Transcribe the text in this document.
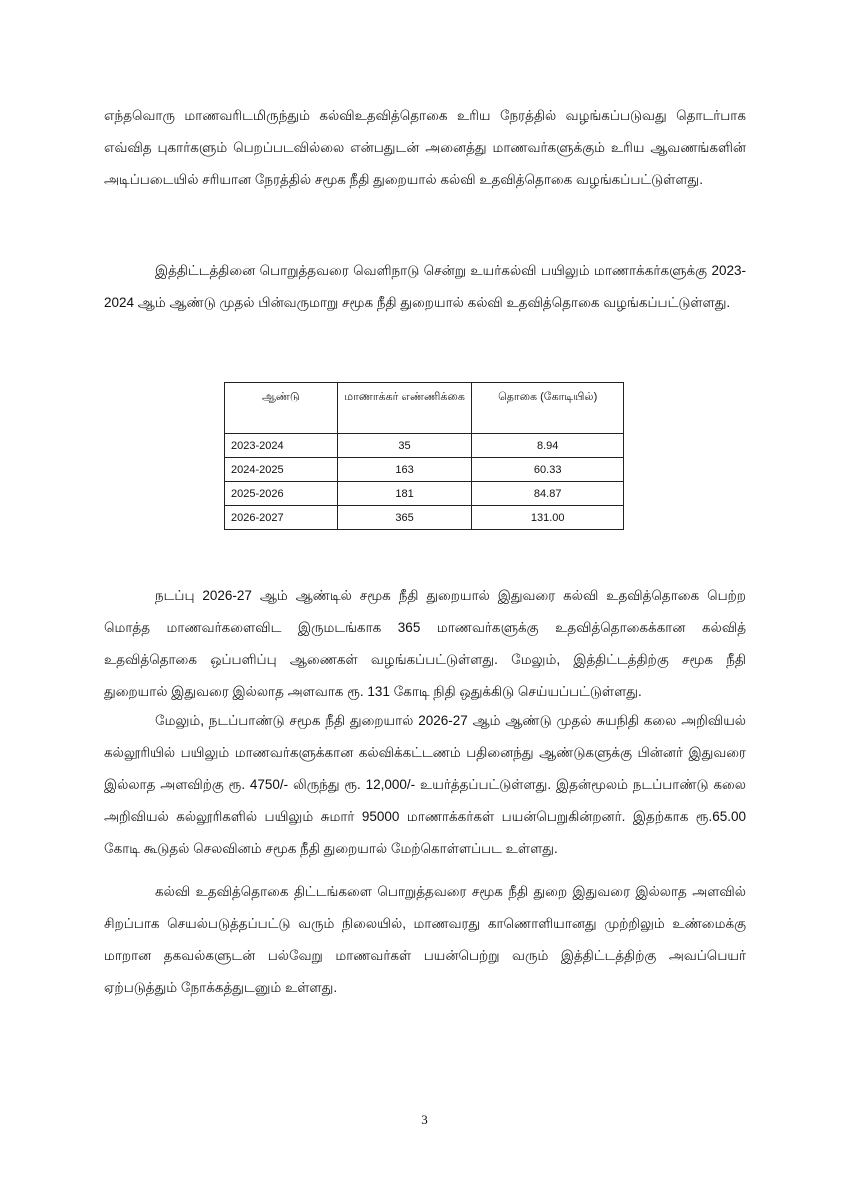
எந்தவொரு மாணவரிடமிருந்தும் கல்விஉதவித்தொகை உரிய நேரத்தில் வழங்கப்படுவது தொடர்பாக எவ்வித புகார்களும் பெறப்படவில்லை என்பதுடன் அனைத்து மாணவர்களுக்கும் உரிய ஆவணங்களின் அடிப்படையில் சரியான நேரத்தில் சமூக நீதி துறையால் கல்வி உதவித்தொகை வழங்கப்பட்டுள்ளது.

இத்திட்டத்தினை பொறுத்தவரை வெளிநாடு சென்று உயர்கல்வி பயிலும் மாணாக்கர்களுக்கு 2023-2024 ஆம் ஆண்டு முதல் பின்வருமாறு சமூக நீதி துறையால் கல்வி உதவித்தொகை வழங்கப்பட்டுள்ளது.

ஆண்டு	மாணாக்கர் எண்ணிக்கை	தொகை (கோடியில்)
2023-2024	35	8.94
2024-2025	163	60.33
2025-2026	181	84.87
2026-2027	365	131.00

நடப்பு 2026-27 ஆம் ஆண்டில் சமூக நீதி துறையால் இதுவரை கல்வி உதவித்தொகை பெற்ற மொத்த மாணவர்களைவிட இருமடங்காக 365 மாணவர்களுக்கு உதவித்தொகைக்கான கல்வித் உதவித்தொகை ஒப்பளிப்பு ஆணைகள் வழங்கப்பட்டுள்ளது. மேலும், இத்திட்டத்திற்கு சமூக நீதி துறையால் இதுவரை இல்லாத அளவாக ரூ. 131 கோடி நிதி ஒதுக்கிடு செய்யப்பட்டுள்ளது.

மேலும், நடப்பாண்டு சமூக நீதி துறையால் 2026-27 ஆம் ஆண்டு முதல் சுயநிதி கலை அறிவியல் கல்லூரியில் பயிலும் மாணவர்களுக்கான கல்விக்கட்டணம் பதினைந்து ஆண்டுகளுக்கு பின்னர் இதுவரை இல்லாத அளவிற்கு ரூ. 4750/- லிருந்து ரூ. 12,000/- உயர்த்தப்பட்டுள்ளது. இதன்மூலம் நடப்பாண்டு கலை அறிவியல் கல்லூரிகளில் பயிலும் சுமார் 95000 மாணாக்கர்கள் பயன்பெறுகின்றனர். இதற்காக ரூ.65.00 கோடி கூடுதல் செலவினம் சமூக நீதி துறையால் மேற்கொள்ளப்பட உள்ளது.

கல்வி உதவித்தொகை திட்டங்களை பொறுத்தவரை சமூக நீதி துறை இதுவரை இல்லாத அளவில் சிறப்பாக செயல்படுத்தப்பட்டு வரும் நிலையில், மாணவரது காணொளியானது முற்றிலும் உண்மைக்கு மாறான தகவல்களுடன் பல்வேறு மாணவர்கள் பயன்பெற்று வரும் இத்திட்டத்திற்கு அவப்பெயர் ஏற்படுத்தும் நோக்கத்துடனும் உள்ளது.

3
